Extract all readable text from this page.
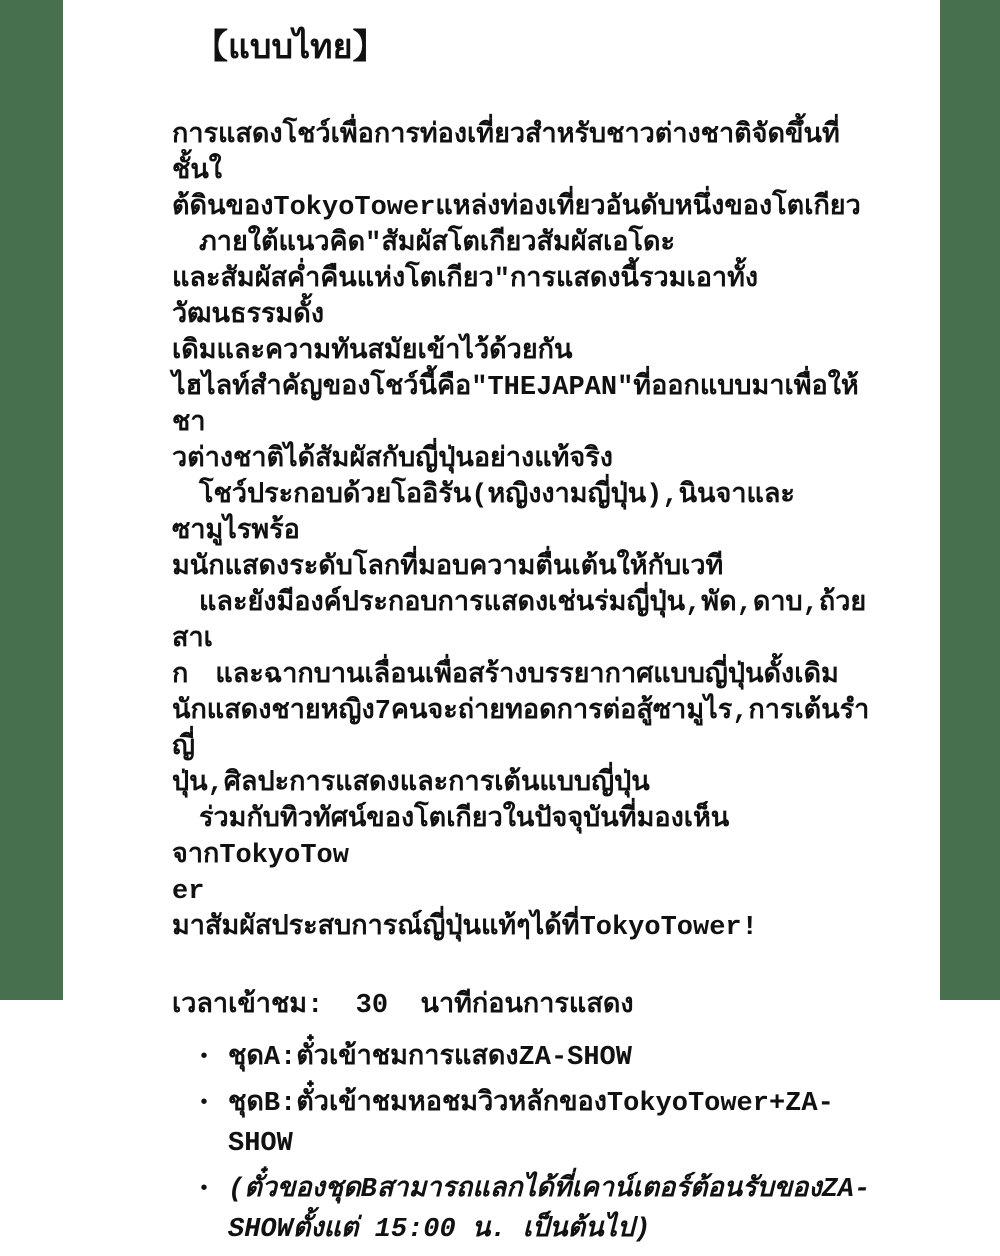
【แบบไทย】
การแสดงโชว์เพื่อการท่องเที่ยวสำหรับชาวต่างชาติจัดขึ้นที่ชั้นใ
ต้ดินของTokyoTowerแหล่งท่องเที่ยวอันดับหนึ่งของโตเกียว
　ภายใต้แนวคิด"สัมผัสโตเกียวสัมผัสเอโดะ
และสัมผัสค่ำคืนแห่งโตเกียว"การแสดงนี้รวมเอาทั้งวัฒนธรรมดั้ง
เดิมและความทันสมัยเข้าไว้ด้วยกัน
ไฮไลท์สำคัญของโชว์นี้คือ"THEJAPAN"ที่ออกแบบมาเพื่อให้ชา
วต่างชาติได้สัมผัสกับญี่ปุ่นอย่างแท้จริง
　โชว์ประกอบด้วยโออิรัน(หญิงงามญี่ปุ่น),นินจาและซามูไรพร้อ
มนักแสดงระดับโลกที่มอบความตื่นเต้นให้กับเวที
　และยังมีองค์ประกอบการแสดงเช่นร่มญี่ปุ่น,พัด,ดาบ,ถ้วยสาเ
ก　และฉากบานเลื่อนเพื่อสร้างบรรยากาศแบบญี่ปุ่นดั้งเดิม
นักแสดงชายหญิง7คนจะถ่ายทอดการต่อสู้ซามูไร,การเต้นรำญี่
ปุ่น,ศิลปะการแสดงและการเต้นแบบญี่ปุ่น
　ร่วมกับทิวทัศน์ของโตเกียวในปัจจุบันที่มองเห็นจากTokyoTow
er
มาสัมผัสประสบการณ์ญี่ปุ่นแท้ๆได้ที่TokyoTower!
เวลาเข้าชม:  30  นาทีก่อนการแสดง
• ชุดA:ตั๋วเข้าชมการแสดงZA-SHOW
• ชุดB:ตั๋วเข้าชมหอชมวิวหลักของTokyoTower+ZA-
SHOW
• (ตั๋วของชุดBสามารถแลกได้ที่เคาน์เตอร์ต้อนรับของZA-
SHOWตั้งแต่ 15:00 น. เป็นต้นไป)
